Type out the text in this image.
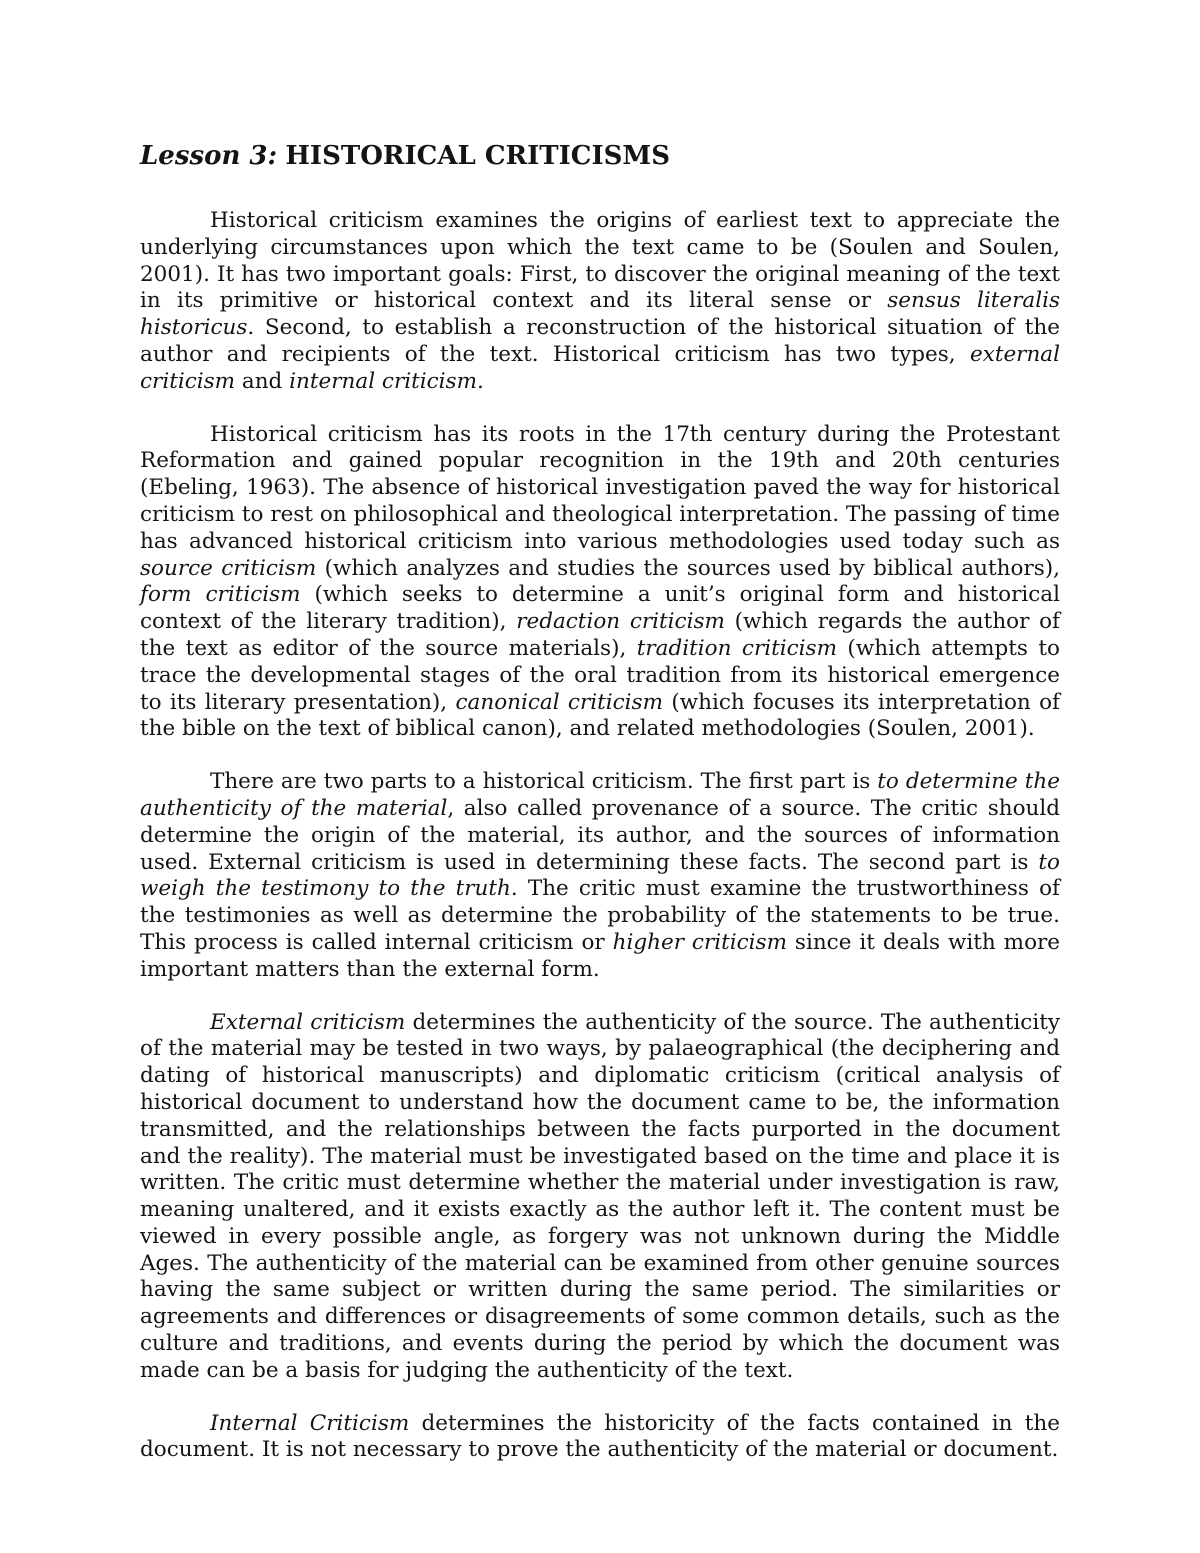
Lesson 3: HISTORICAL CRITICISMS

Historical criticism examines the origins of earliest text to appreciate the underlying circumstances upon which the text came to be (Soulen and Soulen, 2001). It has two important goals: First, to discover the original meaning of the text in its primitive or historical context and its literal sense or sensus literalis historicus. Second, to establish a reconstruction of the historical situation of the author and recipients of the text. Historical criticism has two types, external criticism and internal criticism.

Historical criticism has its roots in the 17th century during the Protestant Reformation and gained popular recognition in the 19th and 20th centuries (Ebeling, 1963). The absence of historical investigation paved the way for historical criticism to rest on philosophical and theological interpretation. The passing of time has advanced historical criticism into various methodologies used today such as source criticism (which analyzes and studies the sources used by biblical authors), form criticism (which seeks to determine a unit’s original form and historical context of the literary tradition), redaction criticism (which regards the author of the text as editor of the source materials), tradition criticism (which attempts to trace the developmental stages of the oral tradition from its historical emergence to its literary presentation), canonical criticism (which focuses its interpretation of the bible on the text of biblical canon), and related methodologies (Soulen, 2001).

There are two parts to a historical criticism. The first part is to determine the authenticity of the material, also called provenance of a source. The critic should determine the origin of the material, its author, and the sources of information used. External criticism is used in determining these facts. The second part is to weigh the testimony to the truth. The critic must examine the trustworthiness of the testimonies as well as determine the probability of the statements to be true. This process is called internal criticism or higher criticism since it deals with more important matters than the external form.

External criticism determines the authenticity of the source. The authenticity of the material may be tested in two ways, by palaeographical (the deciphering and dating of historical manuscripts) and diplomatic criticism (critical analysis of historical document to understand how the document came to be, the information transmitted, and the relationships between the facts purported in the document and the reality). The material must be investigated based on the time and place it is written. The critic must determine whether the material under investigation is raw, meaning unaltered, and it exists exactly as the author left it. The content must be viewed in every possible angle, as forgery was not unknown during the Middle Ages. The authenticity of the material can be examined from other genuine sources having the same subject or written during the same period. The similarities or agreements and differences or disagreements of some common details, such as the culture and traditions, and events during the period by which the document was made can be a basis for judging the authenticity of the text.

Internal Criticism determines the historicity of the facts contained in the document. It is not necessary to prove the authenticity of the material or document.
